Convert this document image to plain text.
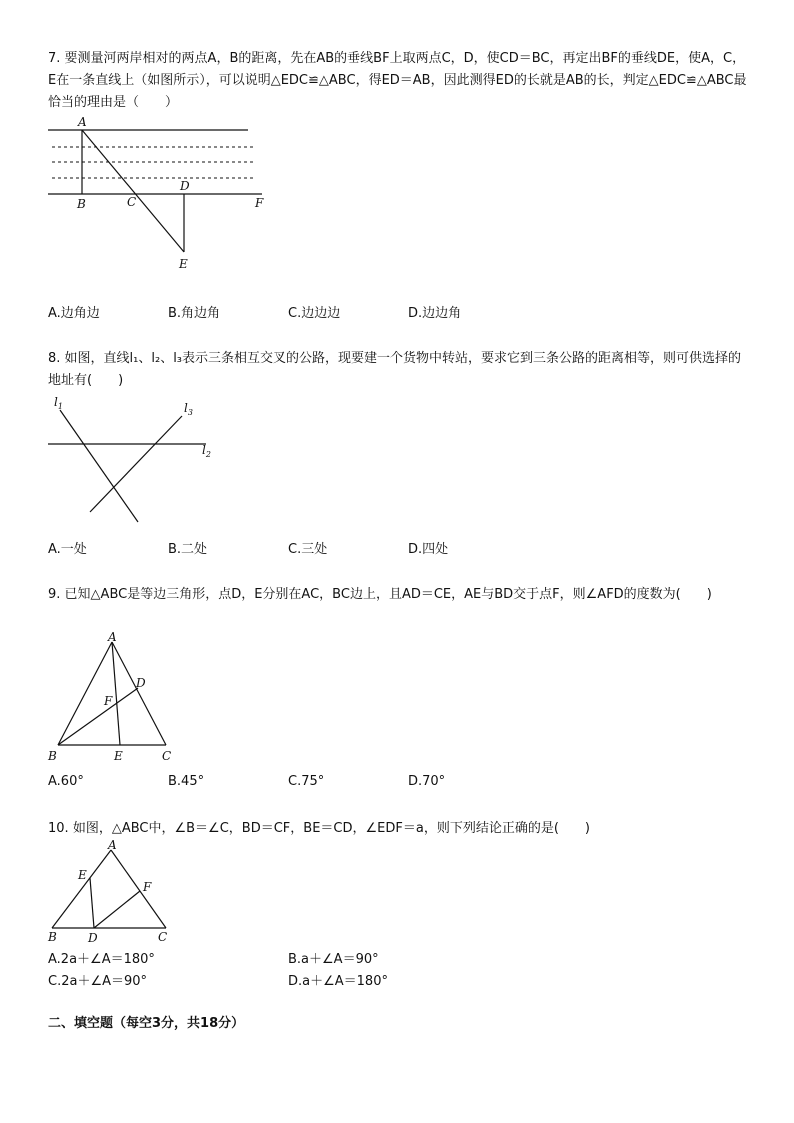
7. 要测量河两岸相对的两点A，B的距离，先在AB的垂线BF上取两点C，D，使CD＝BC，再定出BF的垂线DE，使A，C，E在一条直线上（如图所示），可以说明△EDC≌△ABC，得ED＝AB，因此测得ED的长就是AB的长，判定△EDC≌△ABC最恰当的理由是（　　）

A
B	C
D
E
F
A.边角边	B.角边角	C.边边边	D.边边角

8. 如图，直线l₁、l₂、l₃表示三条相互交叉的公路，现要建一个货物中转站，要求它到三条公路的距离相等，则可供选择的地址有(　　)

$l_1$	$l_3$
$l_2$
A.一处	B.二处	C.三处	D.四处

9. 已知△ABC是等边三角形，点D，E分别在AC，BC边上，且AD＝CE，AE与BD交于点F，则∠AFD的度数为(　　)

A
B	C
D
E
F
A.60°	B.45°	C.75°	D.70°

10. 如图，△ABC中，∠B＝∠C，BD＝CF，BE＝CD，∠EDF＝a，则下列结论正确的是(　　)

A
E
F
B	D	C
A.2a＋∠A＝180°	B.a＋∠A＝90°
C.2a＋∠A＝90°	D.a＋∠A＝180°
二、填空题（每空3分，共18分）
